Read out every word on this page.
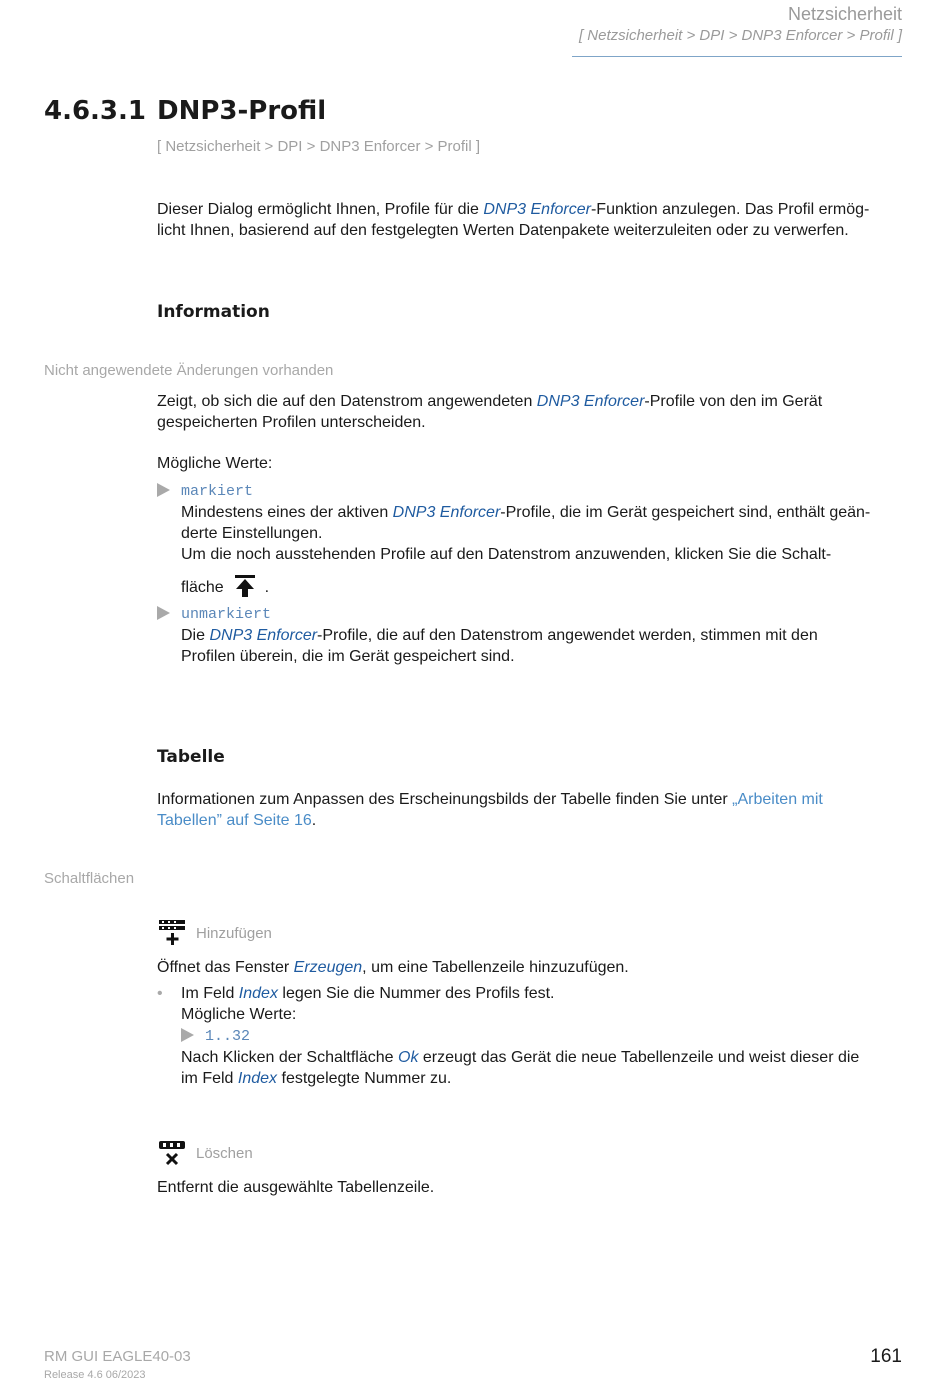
Netzsicherheit
[ Netzsicherheit > DPI > DNP3 Enforcer > Profil ]
4.6.3.1 DNP3-Profil
[ Netzsicherheit > DPI > DNP3 Enforcer > Profil ]
Dieser Dialog ermöglicht Ihnen, Profile für die DNP3 Enforcer-Funktion anzulegen. Das Profil ermög-
licht Ihnen, basierend auf den festgelegten Werten Datenpakete weiterzuleiten oder zu verwerfen.
Information
Nicht angewendete Änderungen vorhanden
Zeigt, ob sich die auf den Datenstrom angewendeten DNP3 Enforcer-Profile von den im Gerät
gespeicherten Profilen unterscheiden.
Mögliche Werte:
markiert
Mindestens eines der aktiven DNP3 Enforcer-Profile, die im Gerät gespeichert sind, enthält geän-
derte Einstellungen.
Um die noch ausstehenden Profile auf den Datenstrom anzuwenden, klicken Sie die Schalt-

fläche	.
unmarkiert
Die DNP3 Enforcer-Profile, die auf den Datenstrom angewendet werden, stimmen mit den
Profilen überein, die im Gerät gespeichert sind.
Tabelle
Informationen zum Anpassen des Erscheinungsbilds der Tabelle finden Sie unter „Arbeiten mit
Tabellen” auf Seite 16.
Schaltflächen
Hinzufügen
Öffnet das Fenster Erzeugen, um eine Tabellenzeile hinzuzufügen.
• Im Feld Index legen Sie die Nummer des Profils fest.
Mögliche Werte:

1..32
Nach Klicken der Schaltfläche Ok erzeugt das Gerät die neue Tabellenzeile und weist dieser die
im Feld Index festgelegte Nummer zu.
Löschen
Entfernt die ausgewählte Tabellenzeile.
RM GUI EAGLE40-03
Release 4.6 06/2023
161
